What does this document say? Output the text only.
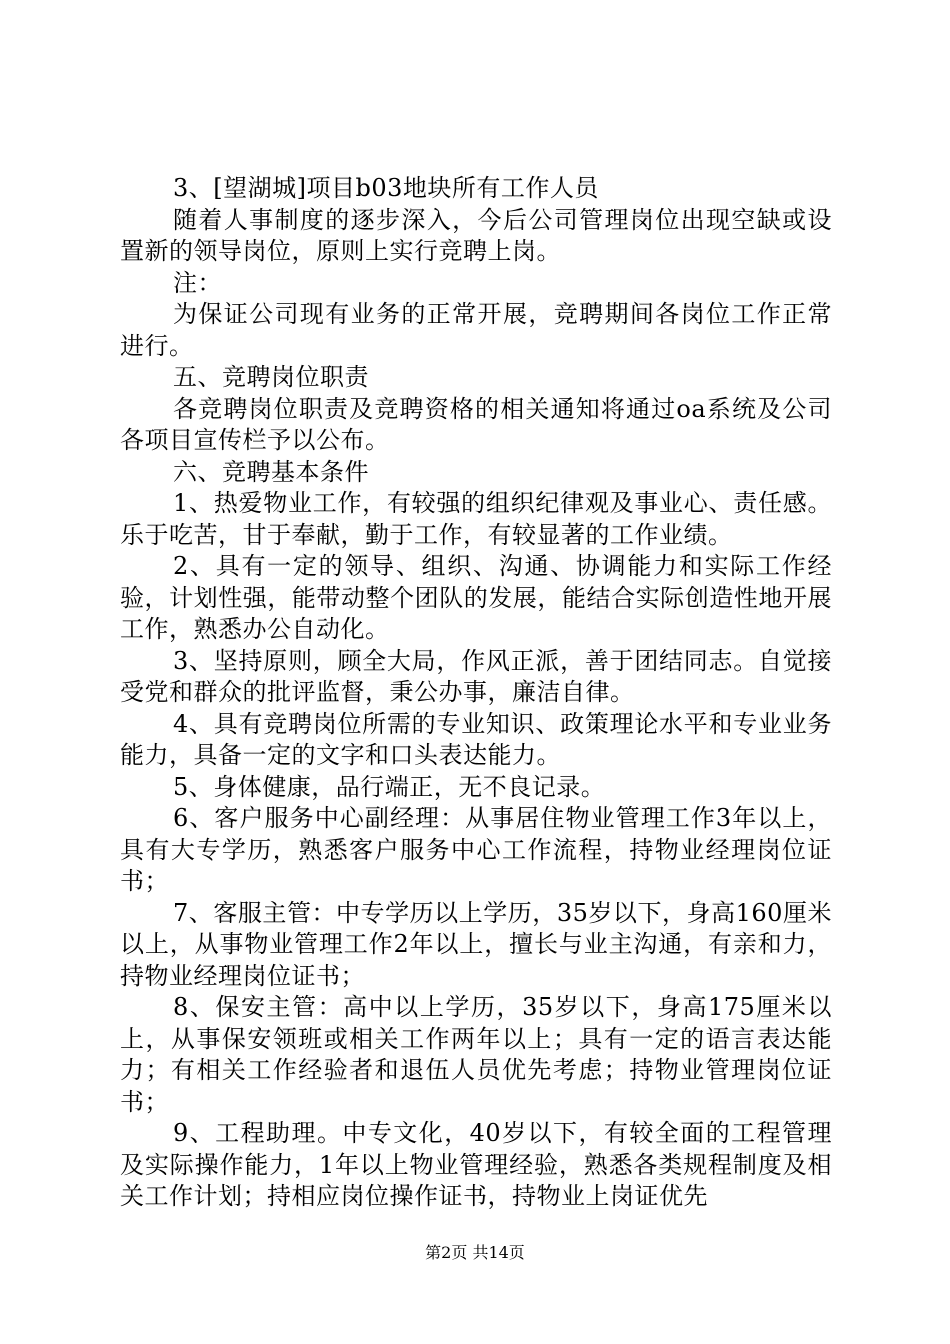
3、[望湖城]项目b03地块所有工作人员

随着人事制度的逐步深入，今后公司管理岗位出现空缺或设置新的领导岗位，原则上实行竞聘上岗。

注：

为保证公司现有业务的正常开展，竞聘期间各岗位工作正常进行。

五、竞聘岗位职责

各竞聘岗位职责及竞聘资格的相关通知将通过oa系统及公司各项目宣传栏予以公布。

六、竞聘基本条件

1、热爱物业工作，有较强的组织纪律观及事业心、责任感。乐于吃苦，甘于奉献，勤于工作，有较显著的工作业绩。

2、具有一定的领导、组织、沟通、协调能力和实际工作经验，计划性强，能带动整个团队的发展，能结合实际创造性地开展工作，熟悉办公自动化。

3、坚持原则，顾全大局，作风正派，善于团结同志。自觉接受党和群众的批评监督，秉公办事，廉洁自律。

4、具有竞聘岗位所需的专业知识、政策理论水平和专业业务能力，具备一定的文字和口头表达能力。

5、身体健康，品行端正，无不良记录。

6、客户服务中心副经理：从事居住物业管理工作3年以上，具有大专学历，熟悉客户服务中心工作流程，持物业经理岗位证书；

7、客服主管：中专学历以上学历，35岁以下，身高160厘米以上，从事物业管理工作2年以上，擅长与业主沟通，有亲和力，持物业经理岗位证书；

8、保安主管：高中以上学历，35岁以下，身高175厘米以上，从事保安领班或相关工作两年以上；具有一定的语言表达能力；有相关工作经验者和退伍人员优先考虑；持物业管理岗位证书；

9、工程助理。中专文化，40岁以下，有较全面的工程管理及实际操作能力，1年以上物业管理经验，熟悉各类规程制度及相关工作计划；持相应岗位操作证书，持物业上岗证优先

第2页 共14页
